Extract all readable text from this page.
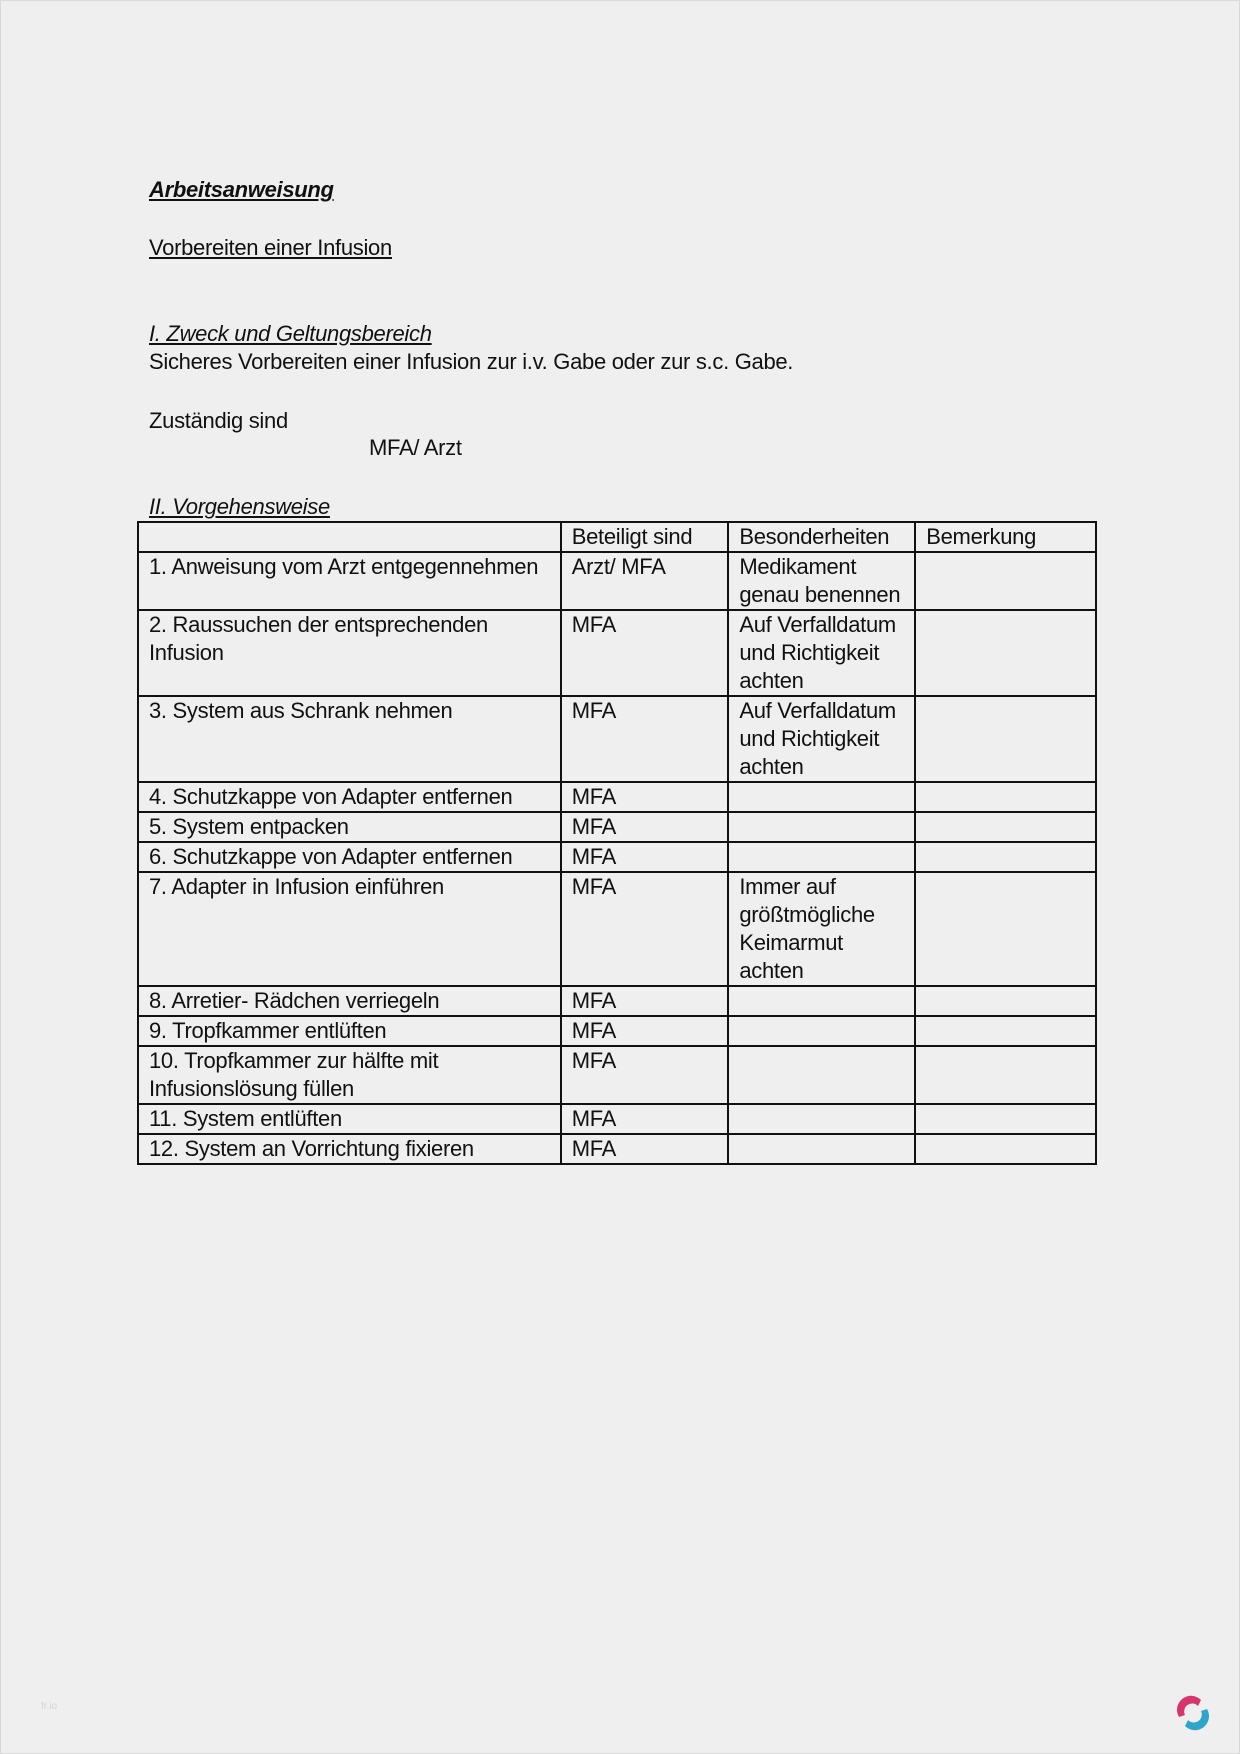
Arbeitsanweisung
Vorbereiten einer Infusion
I. Zweck und Geltungsbereich
Sicheres Vorbereiten einer Infusion zur i.v. Gabe oder zur s.c. Gabe.
Zuständig sind
MFA/ Arzt
II. Vorgehensweise
	Beteiligt sind	Besonderheiten	Bemerkung
1. Anweisung vom Arzt entgegennehmen	Arzt/ MFA	Medikament genau benennen	
2. Raussuchen der entsprechenden Infusion	MFA	Auf Verfalldatum und Richtigkeit achten	
3. System aus Schrank nehmen	MFA	Auf Verfalldatum und Richtigkeit achten	
4. Schutzkappe von Adapter entfernen	MFA		
5. System entpacken	MFA		
6. Schutzkappe von Adapter entfernen	MFA		
7. Adapter in Infusion einführen	MFA	Immer auf größtmögliche Keimarmut achten	
8. Arretier- Rädchen verriegeln	MFA		
9. Tropfkammer entlüften	MFA		
10. Tropfkammer zur hälfte mit Infusionslösung füllen	MFA		
11. System entlüften	MFA		
12. System an Vorrichtung fixieren	MFA		
fr.io
